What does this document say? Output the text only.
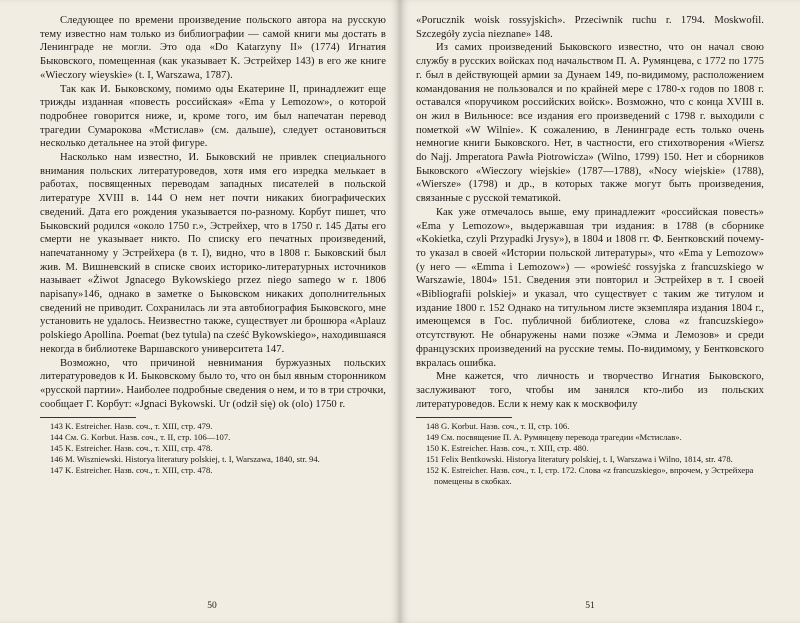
Следующее по времени произведение польского автора на русскую тему известно нам только из библиографии — самой книги мы достать в Ленинграде не могли. Это ода «Do Katarzyny II» (1774) Игнатия Быковского, помещенная (как указывает К. Эстрейхер 143) в его же книге «Wieczory wieyskie» (t. I, Warszawa, 1787).

Так как И. Быковскому, помимо оды Екатерине II, принадлежит еще трижды изданная «повесть российская» «Ema y Lemozow», о которой подробнее говорится ниже, и, кроме того, им был напечатан перевод трагедии Сумарокова «Мстислав» (см. дальше), следует остановиться несколько детальнее на этой фигуре.

Насколько нам известно, И. Быковский не привлек специального внимания польских литературоведов, хотя имя его изредка мелькает в работах, посвященных переводам западных писателей в польской литературе XVIII в. 144 О нем нет почти никаких биографических сведений. Дата его рождения указывается по-разному. Корбут пишет, что Быковский родился «около 1750 г.», Эстрейхер, что в 1750 г. 145 Даты его смерти не указывает никто. По списку его печатных произведений, напечатанному у Эстрейхера (в т. I), видно, что в 1808 г. Быковский был жив. М. Вишневский в списке своих историко-литературных источников называет «Żiwot Jgnacego Bykowskiego przez niego samego w r. 1806 napisany»146, однако в заметке о Быковском никаких дополнительных сведений не приводит. Сохранилась ли эта автобиография Быковского, мне установить не удалось. Неизвестно также, существует ли брошюра «Aplauz polskiego Apollina. Poemat (bez tytula) na cześć Bykowskiego», находившаяся некогда в библиотеке Варшавского университета 147.

Возможно, что причиной невнимания буржуазных польских литературоведов к И. Быковскому было то, что он был явным сторонником «русской партии». Наиболее подробные сведения о нем, и то в три строчки, сообщает Г. Корбут: «Jgnaci Bykowski. Ur (odził się) ok (olo) 1750 r.

143 K. Estreicher. Назв. соч., т. XIII, стр. 479.

144 См. G. Korbut. Назв. соч., т. II, стр. 106—107.

145 K. Estreicher. Назв. соч., т. XIII, стр. 478.

146 M. Wiszniewski. Historya literatury polskiej, t. I, Warszawa, 1840, str. 94.

147 K. Estreicher. Назв. соч., т. XIII, стр. 478.

50

«Porucznik woisk rossyjskich». Przeciwnik ruchu r. 1794. Moskwofil. Szczegóły zycia nieznane» 148.

Из самих произведений Быковского известно, что он начал свою службу в русских войсках под начальством П. А. Румянцева, с 1772 по 1775 г. был в действующей армии за Дунаем 149, по-видимому, расположением командования не пользовался и по крайней мере с 1780-х годов по 1808 г. оставался «поручиком российских войск». Возможно, что с конца XVIII в. он жил в Вильнюсе: все издания его произведений с 1798 г. выходили с пометкой «W Wilnie». К сожалению, в Ленинграде есть только очень немногие книги Быковского. Нет, в частности, его стихотворения «Wiersz do Najj. Jmperatora Pawła Piotrowicza» (Wilno, 1799) 150. Нет и сборников Быковского «Wieczory wiejskie» (1787—1788), «Nocy wiejskie» (1788), «Wiersze» (1798) и др., в которых также могут быть произведения, связанные с русской тематикой.

Как уже отмечалось выше, ему принадлежит «российская повесть» «Ema y Lemozow», выдержавшая три издания: в 1788 (в сборнике «Kokietka, czyli Przypadki Jrysy»), в 1804 и 1808 гг. Ф. Бентковский почему-то указал в своей «Истории польской литературы», что «Ema y Lemozow» (у него — «Emma i Lemozow») — «powieść rossyjska z francuzskiego w Warszawie, 1804» 151. Сведения эти повторил и Эстрейхер в т. I своей «Bibliografii polskiej» и указал, что существует с таким же титулом и издание 1800 г. 152 Однако на титульном листе экземпляра издания 1804 г., имеющемся в Гос. публичной библиотеке, слова «z francuzskiego» отсутствуют. Не обнаружены нами позже «Эмма и Лемозов» и среди французских произведений на русские темы. По-видимому, у Бентковского вкралась ошибка.

Мне кажется, что личность и творчество Игнатия Быковского, заслуживают того, чтобы им занялся кто-либо из польских литературоведов. Если к нему как к москвофилу

148 G. Korbut. Назв. соч., т. II, стр. 106.

149 См. посвящение П. А. Румянцеву перевода трагедии «Мстислав».

150 K. Estreicher. Назв. соч., т. XIII, стр. 480.

151 Felix Bentkowski. Historya literatury polskiej, t. I, Warszawa i Wilno, 1814, str. 478.

152 K. Estreicher. Назв. соч., т. I, стр. 172. Слова «z francuzskiego», впрочем, у Эстрейхера помещены в скобках.

51
